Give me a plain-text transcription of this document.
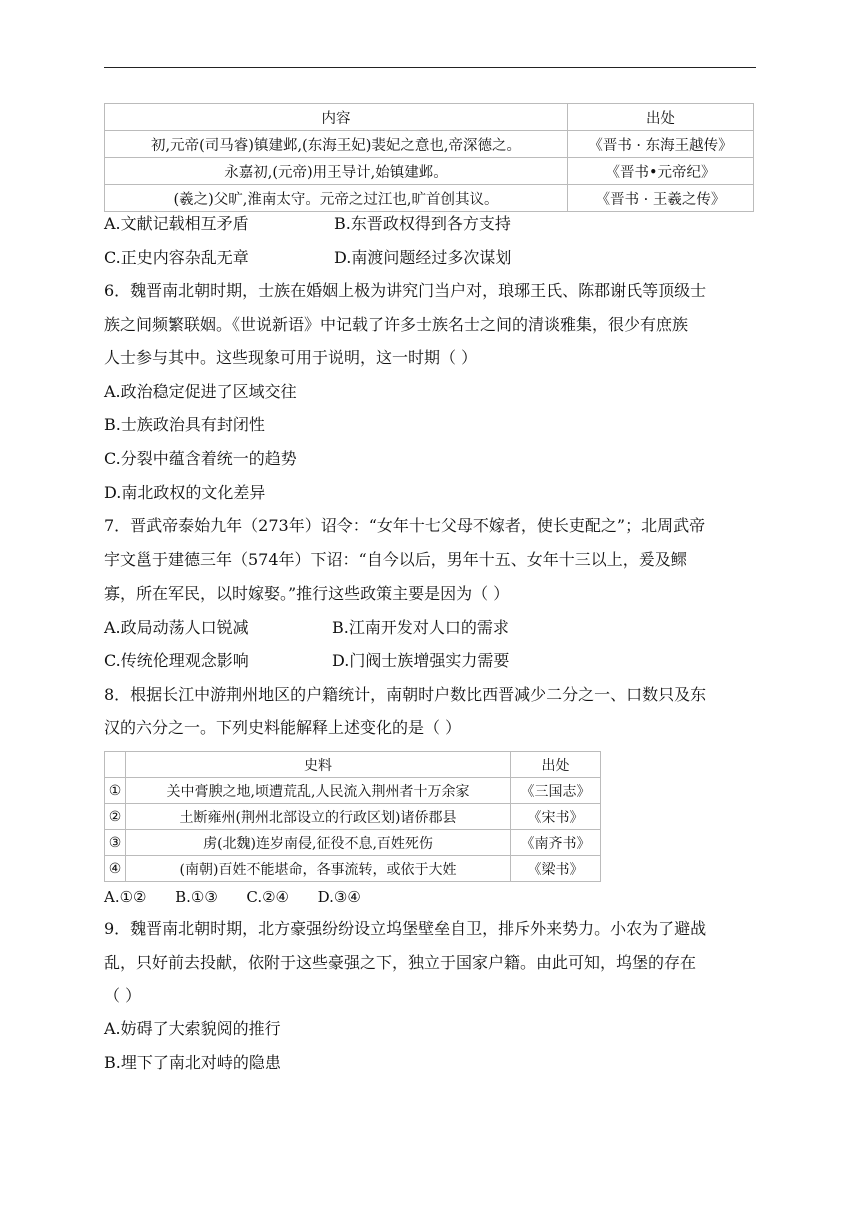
内容	出处
初,元帝(司马睿)镇建邺,(东海王妃)裴妃之意也,帝深德之。	《晋书 · 东海王越传》
永嘉初,(元帝)用王导计,始镇建邺。	《晋书•元帝纪》
(羲之)父旷,淮南太守。元帝之过江也,旷首创其议。	《晋书 · 王羲之传》
A.文献记载相互矛盾	B.东晋政权得到各方支持
C.正史内容杂乱无章	D.南渡问题经过多次谋划
6．魏晋南北朝时期，士族在婚姻上极为讲究门当户对，琅琊王氏、陈郡谢氏等顶级士
族之间频繁联姻。《世说新语》中记载了许多士族名士之间的清谈雅集，很少有庶族
人士参与其中。这些现象可用于说明，这一时期（ ）
A.政治稳定促进了区域交往
B.士族政治具有封闭性
C.分裂中蕴含着统一的趋势
D.南北政权的文化差异
7．晋武帝泰始九年（273年）诏令：“女年十七父母不嫁者，使长吏配之”；北周武帝
宇文邕于建德三年（574年）下诏：“自今以后，男年十五、女年十三以上，爰及鳏
寡，所在军民，以时嫁娶。”推行这些政策主要是因为（ ）
A.政局动荡人口锐减	B.江南开发对人口的需求
C.传统伦理观念影响	D.门阀士族增强实力需要
8．根据长江中游荆州地区的户籍统计，南朝时户数比西晋减少二分之一、口数只及东
汉的六分之一。下列史料能解释上述变化的是（ ）
	史料	出处
①	关中膏腴之地,顷遭荒乱,人民流入荆州者十万余家	《三国志》
②	土断雍州(荆州北部设立的行政区划)诸侨郡县	《宋书》
③	虏(北魏)连岁南侵,征役不息,百姓死伤	《南齐书》
④	(南朝)百姓不能堪命，各事流转，或依于大姓	《梁书》
A.①②      B.①③      C.②④      D.③④
9．魏晋南北朝时期，北方豪强纷纷设立坞堡壁垒自卫，排斥外来势力。小农为了避战
乱，只好前去投献，依附于这些豪强之下，独立于国家户籍。由此可知，坞堡的存在
（ ）
A.妨碍了大索貌阅的推行
B.埋下了南北对峙的隐患
